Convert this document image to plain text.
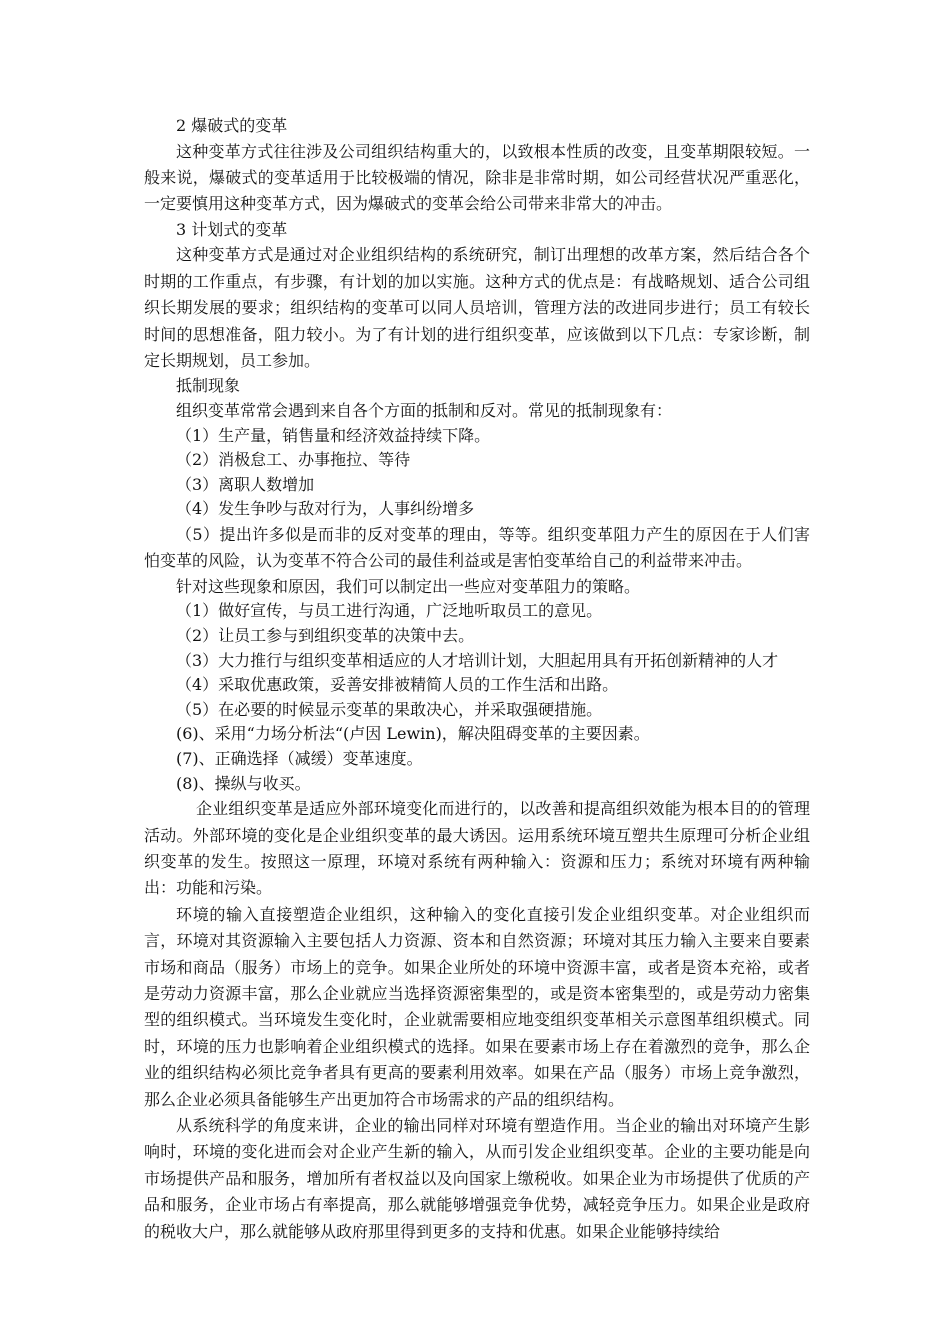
2 爆破式的变革

这种变革方式往往涉及公司组织结构重大的，以致根本性质的改变，且变革期限较短。一般来说，爆破式的变革适用于比较极端的情况，除非是非常时期，如公司经营状况严重恶化，一定要慎用这种变革方式，因为爆破式的变革会给公司带来非常大的冲击。

3 计划式的变革

这种变革方式是通过对企业组织结构的系统研究，制订出理想的改革方案，然后结合各个时期的工作重点，有步骤，有计划的加以实施。这种方式的优点是：有战略规划、适合公司组织长期发展的要求；组织结构的变革可以同人员培训，管理方法的改进同步进行；员工有较长时间的思想准备，阻力较小。为了有计划的进行组织变革，应该做到以下几点：专家诊断，制定长期规划，员工参加。

抵制现象

组织变革常常会遇到来自各个方面的抵制和反对。常见的抵制现象有：

（1）生产量，销售量和经济效益持续下降。

（2）消极怠工、办事拖拉、等待

（3）离职人数增加

（4）发生争吵与敌对行为，人事纠纷增多

（5）提出许多似是而非的反对变革的理由，等等。组织变革阻力产生的原因在于人们害怕变革的风险，认为变革不符合公司的最佳利益或是害怕变革给自己的利益带来冲击。

针对这些现象和原因，我们可以制定出一些应对变革阻力的策略。

（1）做好宣传，与员工进行沟通，广泛地听取员工的意见。

（2）让员工参与到组织变革的决策中去。

（3）大力推行与组织变革相适应的人才培训计划，大胆起用具有开拓创新精神的人才

（4）采取优惠政策，妥善安排被精简人员的工作生活和出路。

（5）在必要的时候显示变革的果敢决心，并采取强硬措施。

(6)、采用“力场分析法“(卢因 Lewin)，解决阻碍变革的主要因素。

(7)、正确选择（减缓）变革速度。

(8)、操纵与收买。

企业组织变革是适应外部环境变化而进行的，以改善和提高组织效能为根本目的的管理活动。外部环境的变化是企业组织变革的最大诱因。运用系统环境互塑共生原理可分析企业组织变革的发生。按照这一原理，环境对系统有两种输入：资源和压力；系统对环境有两种输出：功能和污染。

环境的输入直接塑造企业组织，这种输入的变化直接引发企业组织变革。对企业组织而言，环境对其资源输入主要包括人力资源、资本和自然资源；环境对其压力输入主要来自要素市场和商品（服务）市场上的竞争。如果企业所处的环境中资源丰富，或者是资本充裕，或者是劳动力资源丰富，那么企业就应当选择资源密集型的，或是资本密集型的，或是劳动力密集型的组织模式。当环境发生变化时，企业就需要相应地变组织变革相关示意图革组织模式。同时，环境的压力也影响着企业组织模式的选择。如果在要素市场上存在着激烈的竞争，那么企业的组织结构必须比竞争者具有更高的要素利用效率。如果在产品（服务）市场上竞争激烈，那么企业必须具备能够生产出更加符合市场需求的产品的组织结构。

从系统科学的角度来讲，企业的输出同样对环境有塑造作用。当企业的输出对环境产生影响时，环境的变化进而会对企业产生新的输入，从而引发企业组织变革。企业的主要功能是向市场提供产品和服务，增加所有者权益以及向国家上缴税收。如果企业为市场提供了优质的产品和服务，企业市场占有率提高，那么就能够增强竞争优势，减轻竞争压力。如果企业是政府的税收大户，那么就能够从政府那里得到更多的支持和优惠。如果企业能够持续给
